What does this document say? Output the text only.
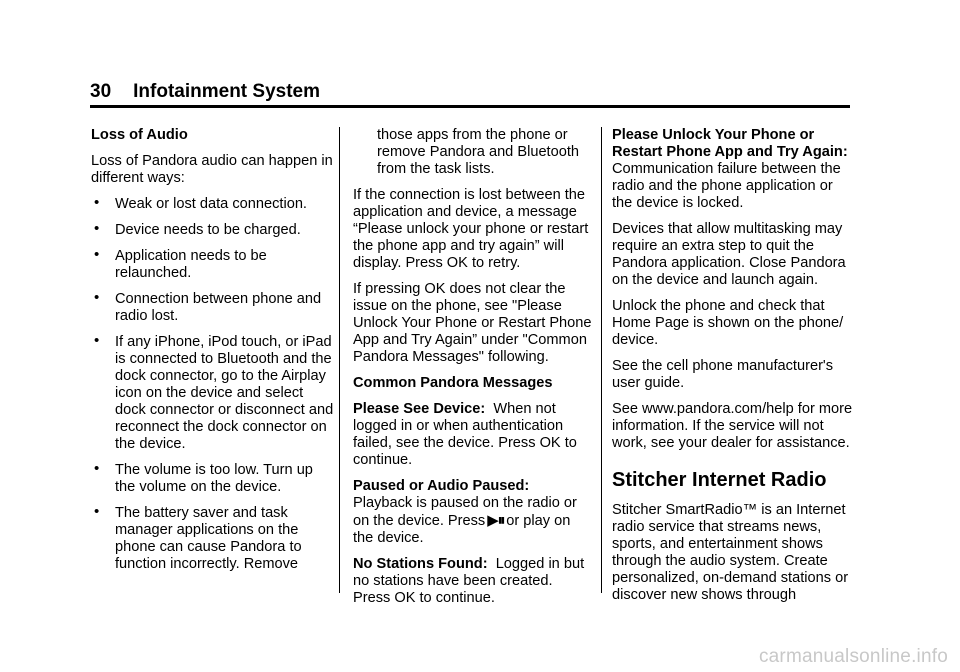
30 Infotainment System

Loss of Audio

Loss of Pandora audio can happen in different ways:

• Weak or lost data connection.
• Device needs to be charged.
• Application needs to be relaunched.
• Connection between phone and radio lost.
• If any iPhone, iPod touch, or iPad is connected to Bluetooth and the dock connector, go to the Airplay icon on the device and select dock connector or disconnect and reconnect the dock connector on the device.
• The volume is too low. Turn up the volume on the device.
• The battery saver and task manager applications on the phone can cause Pandora to function incorrectly. Remove

those apps from the phone or remove Pandora and Bluetooth from the task lists.

If the connection is lost between the application and device, a message “Please unlock your phone or restart the phone app and try again” will display. Press OK to retry.

If pressing OK does not clear the issue on the phone, see "Please Unlock Your Phone or Restart Phone App and Try Again” under "Common Pandora Messages" following.

Common Pandora Messages

Please See Device: When not logged in or when authentication failed, see the device. Press OK to continue.

Paused or Audio Paused:
Playback is paused on the radio or on the device. Press ▶⏸ or play on the device.

No Stations Found: Logged in but no stations have been created. Press OK to continue.

Please Unlock Your Phone or Restart Phone App and Try Again:  Communication failure between the radio and the phone application or the device is locked.

Devices that allow multitasking may require an extra step to quit the Pandora application. Close Pandora on the device and launch again.

Unlock the phone and check that Home Page is shown on the phone/ device.

See the cell phone manufacturer's user guide.

See www.pandora.com/help for more information. If the service will not work, see your dealer for assistance.

Stitcher Internet Radio

Stitcher SmartRadio™ is an Internet radio service that streams news, sports, and entertainment shows through the audio system. Create personalized, on-demand stations or discover new shows through

carmanualsonline.info
